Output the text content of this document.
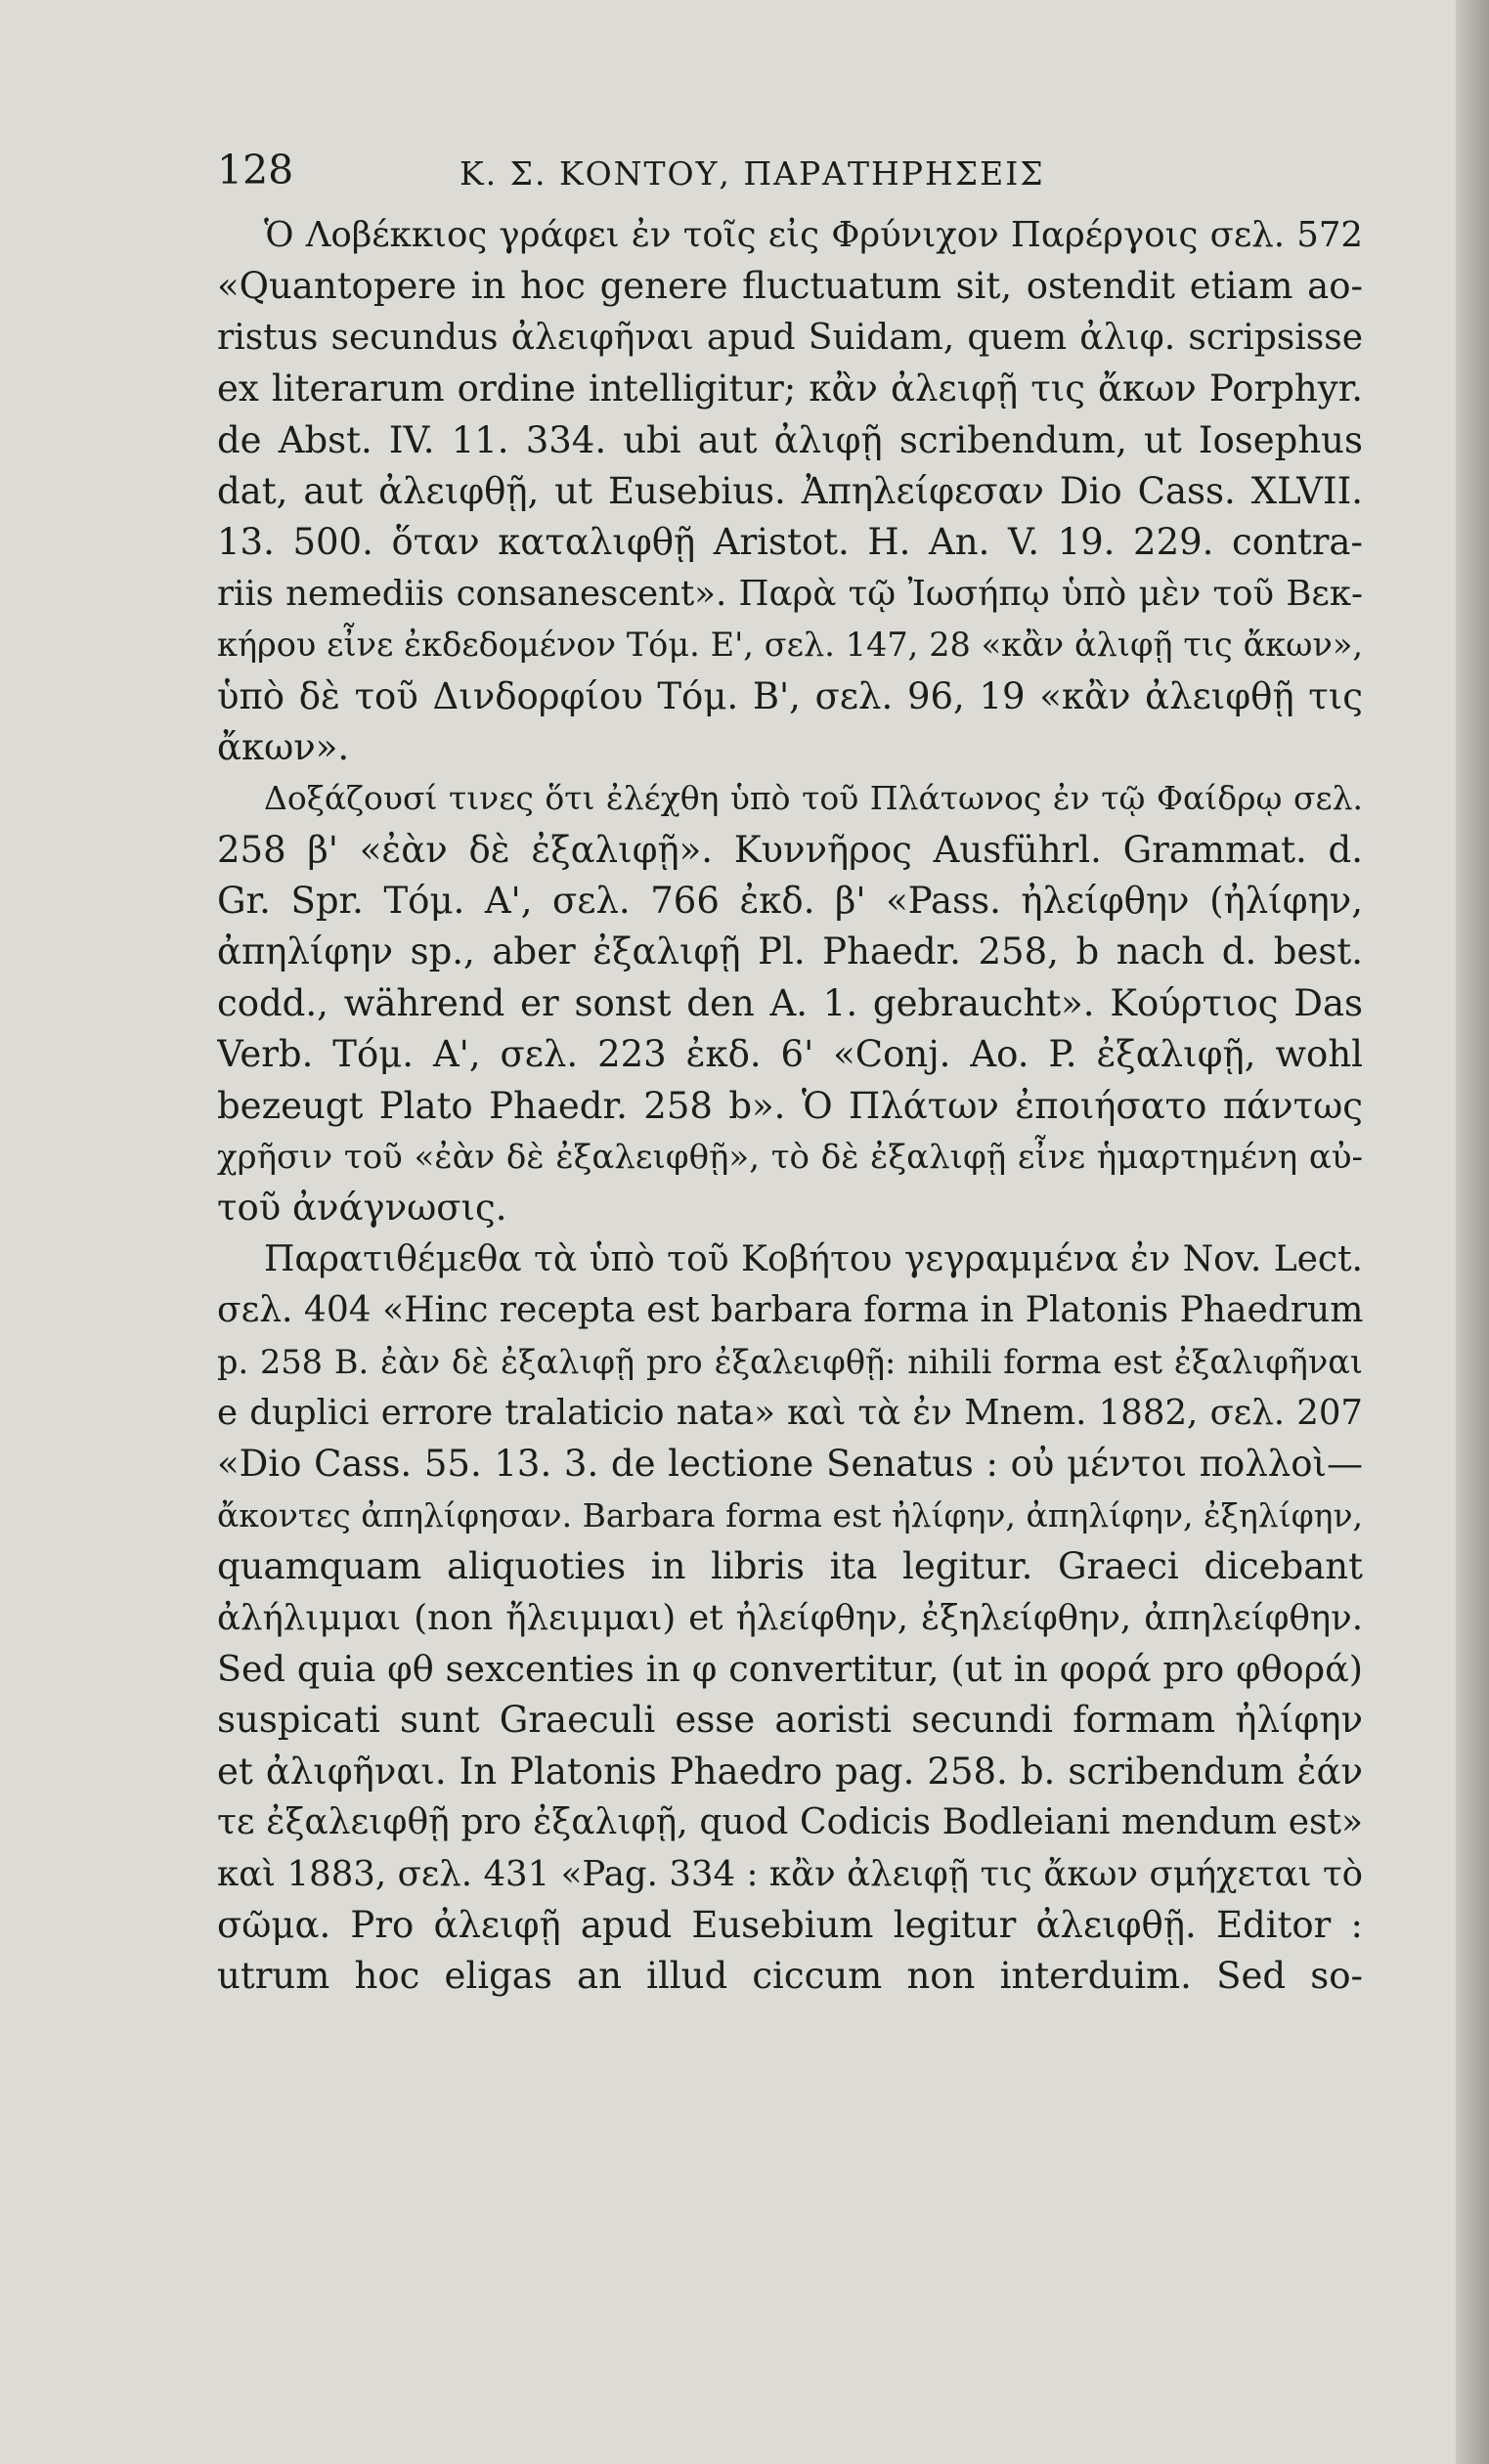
128	Κ. Σ. ΚΟΝΤΟΥ, ΠΑΡΑΤΗΡΗΣΕΙΣ
Ὁ Λοβέκκιος γράφει ἐν τοῖς εἰς Φρύνιχον Παρέργοις σελ. 572
«Quantopere in hoc genere fluctuatum sit, ostendit etiam ao-
ristus secundus ἀλειφῆναι apud Suidam, quem ἀλιφ. scripsisse
ex literarum ordine intelligitur; κἂν ἀλειφῇ τις ἄκων Porphyr.
de Abst. IV. 11. 334. ubi aut ἀλιφῇ scribendum, ut Iosephus
dat, aut ἀλειφθῇ, ut Eusebius. Ἀπηλείφεσαν Dio Cass. XLVII.
13. 500. ὅταν καταλιφθῇ Aristot. H. An. V. 19. 229. contra-
riis nemediis consanescent». Παρὰ τῷ Ἰωσήπῳ ὑπὸ μὲν τοῦ Βεκ-
κήρου εἶνε ἐκδεδομένον Τόμ. Ε', σελ. 147, 28 «κἂν ἀλιφῇ τις ἄκων»,
ὑπὸ δὲ τοῦ Δινδορφίου Τόμ. Β', σελ. 96, 19 «κἂν ἀλειφθῇ τις
ἄκων».
Δοξάζουσί τινες ὅτι ἐλέχθη ὑπὸ τοῦ Πλάτωνος ἐν τῷ Φαίδρῳ σελ.
258 β' «ἐὰν δὲ ἐξαλιφῇ». Κυννῆρος Ausführl. Grammat. d.
Gr. Spr. Τόμ. Α', σελ. 766 ἐκδ. β' «Pass. ἠλείφθην (ἠλίφην,
ἀπηλίφην sp., aber ἐξαλιφῇ Pl. Phaedr. 258, b nach d. best.
codd., während er sonst den A. 1. gebraucht». Κούρτιος Das
Verb. Τόμ. Α', σελ. 223 ἐκδ. 6' «Conj. Ao. P. ἐξαλιφῇ, wohl
bezeugt Plato Phaedr. 258 b». Ὁ Πλάτων ἐποιήσατο πάντως
χρῆσιν τοῦ «ἐὰν δὲ ἐξαλειφθῇ», τὸ δὲ ἐξαλιφῇ εἶνε ἡμαρτημένη αὐ-
τοῦ ἀνάγνωσις.
Παρατιθέμεθα τὰ ὑπὸ τοῦ Κοβήτου γεγραμμένα ἐν Nov. Lect.
σελ. 404 «Hinc recepta est barbara forma in Platonis Phaedrum
p. 258 B. ἐὰν δὲ ἐξαλιφῇ pro ἐξαλειφθῇ: nihili forma est ἐξαλιφῆναι
e duplici errore tralaticio nata» καὶ τὰ ἐν Mnem. 1882, σελ. 207
«Dio Cass. 55. 13. 3. de lectione Senatus : οὐ μέντοι πολλοὶ—
ἄκοντες ἀπηλίφησαν. Barbara forma est ἠλίφην, ἀπηλίφην, ἐξηλίφην,
quamquam aliquoties in libris ita legitur. Graeci dicebant
ἀλήλιμμαι (non ἤλειμμαι) et ἠλείφθην, ἐξηλείφθην, ἀπηλείφθην.
Sed quia φθ sexcenties in φ convertitur, (ut in φορά pro φθορά)
suspicati sunt Graeculi esse aoristi secundi formam ἠλίφην
et ἀλιφῆναι. In Platonis Phaedro pag. 258. b. scribendum ἐάν
τε ἐξαλειφθῇ pro ἐξαλιφῇ, quod Codicis Bodleiani mendum est»
καὶ 1883, σελ. 431 «Pag. 334 : κἂν ἀλειφῇ τις ἄκων σμήχεται τὸ
σῶμα. Pro ἀλειφῇ apud Eusebium legitur ἀλειφθῇ. Editor :
utrum hoc eligas an illud ciccum non interduim. Sed so-
